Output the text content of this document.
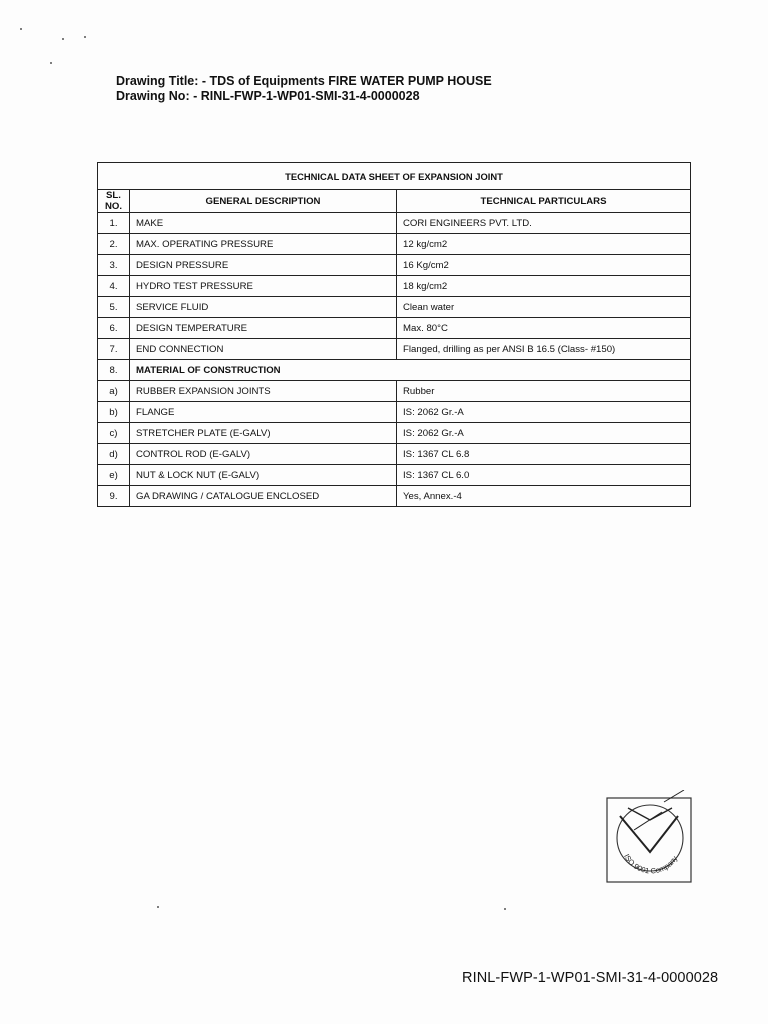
Drawing Title: - TDS of Equipments FIRE WATER PUMP HOUSE
Drawing No: - RINL-FWP-1-WP01-SMI-31-4-0000028
TECHNICAL DATA SHEET OF EXPANSION JOINT		
SL. NO.	GENERAL DESCRIPTION	TECHNICAL PARTICULARS
1.	MAKE	CORI ENGINEERS PVT. LTD.
2.	MAX. OPERATING PRESSURE	12 kg/cm2
3.	DESIGN PRESSURE	16 Kg/cm2
4.	HYDRO TEST PRESSURE	18 kg/cm2
5.	SERVICE FLUID	Clean water
6.	DESIGN TEMPERATURE	Max. 80°C
7.	END CONNECTION	Flanged, drilling as per ANSI B 16.5 (Class- #150)
8.	MATERIAL OF CONSTRUCTION	
a)	RUBBER EXPANSION JOINTS	Rubber
b)	FLANGE	IS: 2062 Gr.-A
c)	STRETCHER PLATE (E-GALV)	IS: 2062 Gr.-A
d)	CONTROL ROD (E-GALV)	IS: 1367 CL 6.8
e)	NUT & LOCK NUT (E-GALV)	IS: 1367 CL 6.0
9.	GA DRAWING / CATALOGUE ENCLOSED	Yes, Annex.-4
ISO 9001 Company
RINL-FWP-1-WP01-SMI-31-4-0000028
